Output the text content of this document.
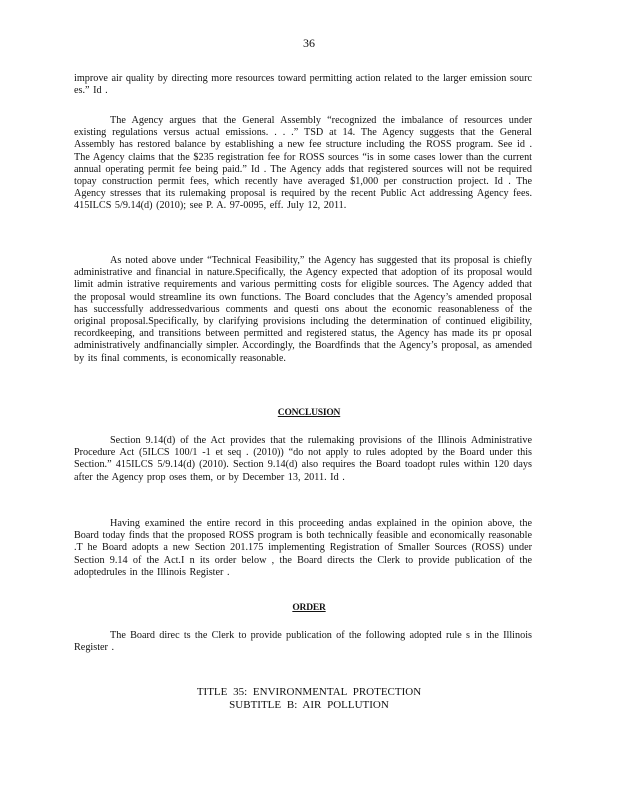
36

improve air quality by directing more resources toward permitting action related to the larger emission sourc es.” Id .

The Agency argues that the General Assembly “recognized the imbalance of resources under existing regulations versus actual emissions. . . .” TSD at 14. The Agency suggests that the General Assembly has restored balance by establishing a new fee structure including the ROSS program. See id . The Agency claims that the $235 registration fee for ROSS sources “is in some cases lower than the current annual operating permit fee being paid.” Id . The Agency adds that registered sources will not be required topay construction permit fees, which recently have averaged $1,000 per construction project. Id . The Agency stresses that its rulemaking proposal is required by the recent Public Act addressing Agency fees. 415ILCS 5/9.14(d) (2010); see P. A. 97-0095, eff. July 12, 2011.

As noted above under “Technical Feasibility,” the Agency has suggested that its proposal is chiefly administrative and financial in nature.Specifically, the Agency expected that adoption of its proposal would limit admin istrative requirements and various permitting costs for eligible sources. The Agency added that the proposal would streamline its own functions. The Board concludes that the Agency’s amended proposal has successfully addressedvarious comments and questi ons about the economic reasonableness of the original proposal.Specifically, by clarifying provisions including the determination of continued eligibility, recordkeeping, and transitions between permitted and registered status, the Agency has made its pr oposal administratively andfinancially simpler. Accordingly, the Boardfinds that the Agency’s proposal, as amended by its final comments, is economically reasonable.

CONCLUSION

Section 9.14(d) of the Act provides that the rulemaking provisions of the Illinois Administrative Procedure Act (5ILCS 100/1 -1 et seq . (2010)) “do not apply to rules adopted by the Board under this Section.” 415ILCS 5/9.14(d) (2010). Section 9.14(d) also requires the Board toadopt rules within 120 days after the Agency prop oses them, or by December 13, 2011. Id .

Having examined the entire record in this proceeding andas explained in the opinion above, the Board today finds that the proposed ROSS program is both technically feasible and economically reasonable .T he Board adopts a new Section 201.175 implementing Registration of Smaller Sources (ROSS) under Section 9.14 of the Act.I n its order below , the Board directs the Clerk to provide publication of the adoptedrules in the Illinois Register .

ORDER

The Board direc ts the Clerk to provide publication of the following adopted rule s in the Illinois Register .

TITLE 35: ENVIRONMENTAL PROTECTION
SUBTITLE B: AIR POLLUTION
